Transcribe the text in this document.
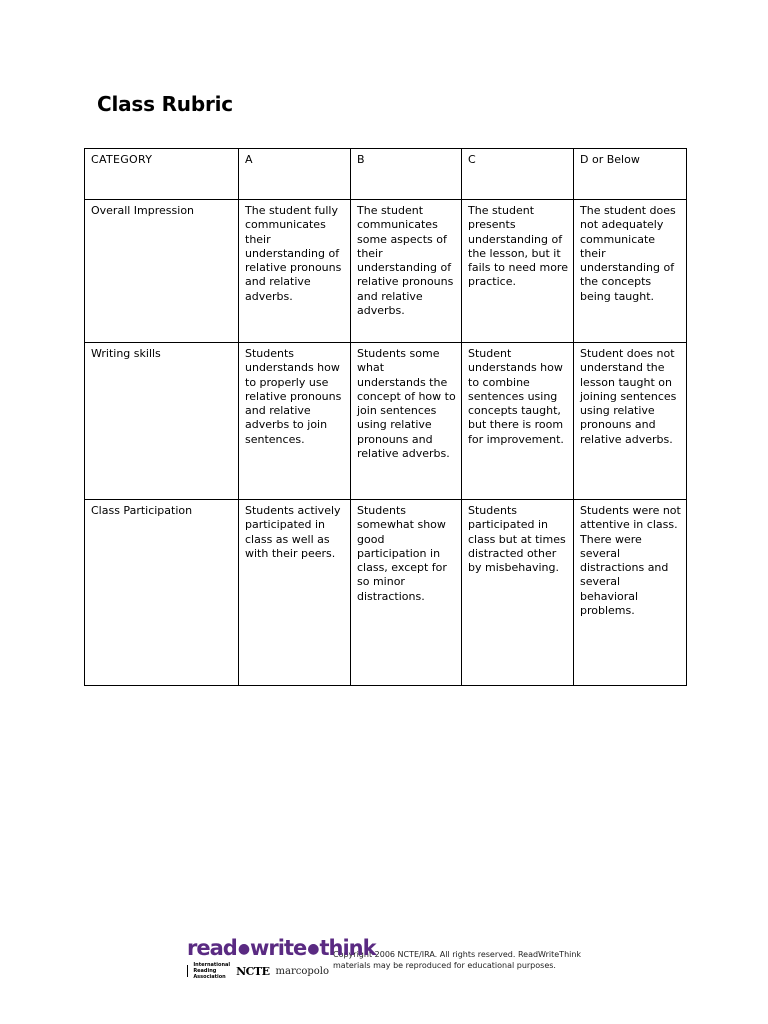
Class Rubric
CATEGORY	A	B	C	D or Below
Overall Impression	The student fully communicates their understanding of relative pronouns and relative adverbs.	The student communicates some aspects of their understanding of relative pronouns and relative adverbs.	The student presents understanding of the lesson, but it fails to need more practice.	The student does not adequately communicate their understanding of the concepts being taught.
Writing skills	Students understands how to properly use relative pronouns and relative adverbs to join sentences.	Students some what understands the concept of how to join sentences using relative pronouns and relative adverbs.	Student understands how to combine sentences using concepts taught, but there is room for improvement.	Student does not understand the lesson taught on joining sentences using relative pronouns and relative adverbs.
Class Participation	Students actively participated in class as well as with their peers.	Students somewhat show good participation in class, except for so minor distractions.	Students participated in class but at times distracted other by misbehaving.	Students were not attentive in class. There were several distractions and several behavioral problems.
read●write●think
International Reading Association NCTE marcopolo
Copyright 2006 NCTE/IRA. All rights reserved. ReadWriteThink
materials may be reproduced for educational purposes.
